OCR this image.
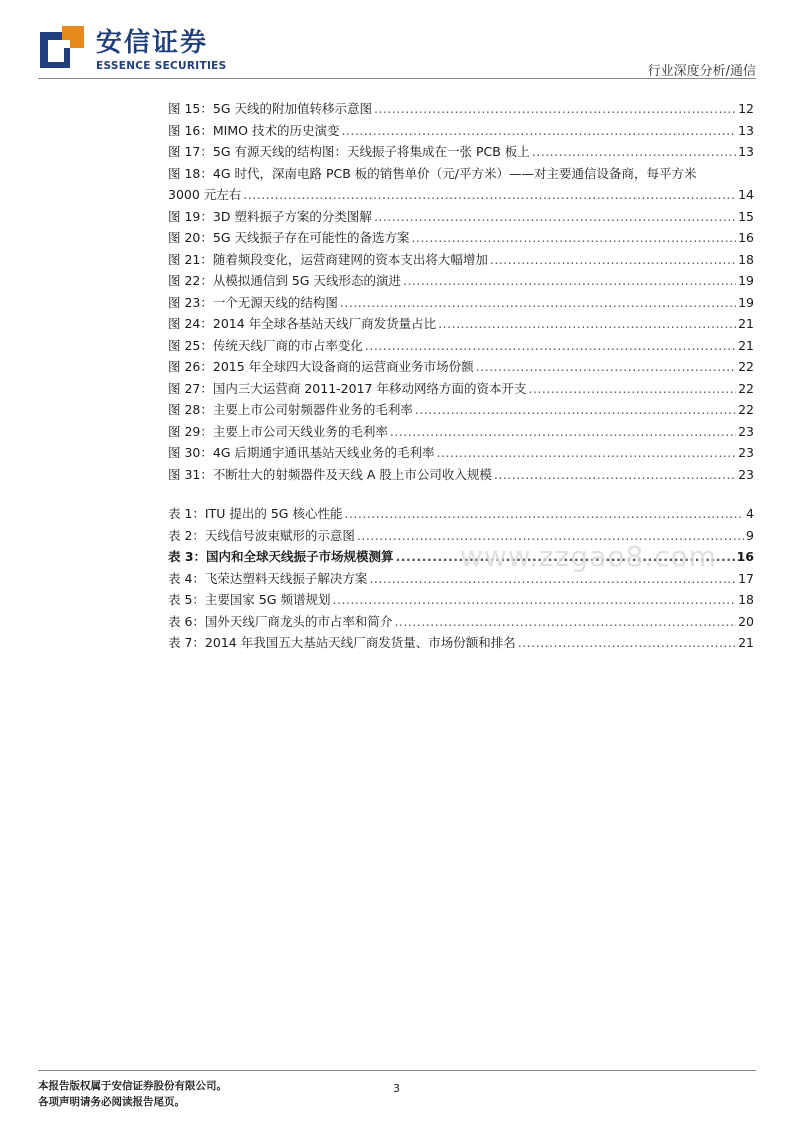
安信证券
ESSENCE SECURITIES	行业深度分析/通信
图 15：5G 天线的附加值转移示意图 .....	12
图 16：MIMO 技术的历史演变 .....	13
图 17：5G 有源天线的结构图：天线振子将集成在一张 PCB 板上 .....	13
图 18：4G 时代，深南电路 PCB 板的销售单价（元/平方米）——对主要通信设备商，每平方米
3000 元左右 .....	14
图 19：3D 塑料振子方案的分类图解 .....	15
图 20：5G 天线振子存在可能性的备选方案 .....	16
图 21：随着频段变化，运营商建网的资本支出将大幅增加 .....	18
图 22：从模拟通信到 5G 天线形态的演进 .....	19
图 23：一个无源天线的结构图 .....	19
图 24：2014 年全球各基站天线厂商发货量占比 .....	21
图 25：传统天线厂商的市占率变化 .....	21
图 26：2015 年全球四大设备商的运营商业务市场份额 .....	22
图 27：国内三大运营商 2011-2017 年移动网络方面的资本开支 .....	22
图 28：主要上市公司射频器件业务的毛利率 .....	22
图 29：主要上市公司天线业务的毛利率 .....	23
图 30：4G 后期通宇通讯基站天线业务的毛利率 .....	23
图 31：不断壮大的射频器件及天线 A 股上市公司收入规模 .....	23
表 1：ITU 提出的 5G 核心性能 .....	4
表 2：天线信号波束赋形的示意图 .....	9
表 3：国内和全球天线振子市场规模测算 .....	16
表 4：飞荣达塑料天线振子解决方案 .....	17
表 5：主要国家 5G 频谱规划 .....	18
表 6：国外天线厂商龙头的市占率和简介 .....	20
表 7：2014 年我国五大基站天线厂商发货量、市场份额和排名 .....	21
www.zzgao8.com
本报告版权属于安信证券股份有限公司。
各项声明请务必阅读报告尾页。
3
